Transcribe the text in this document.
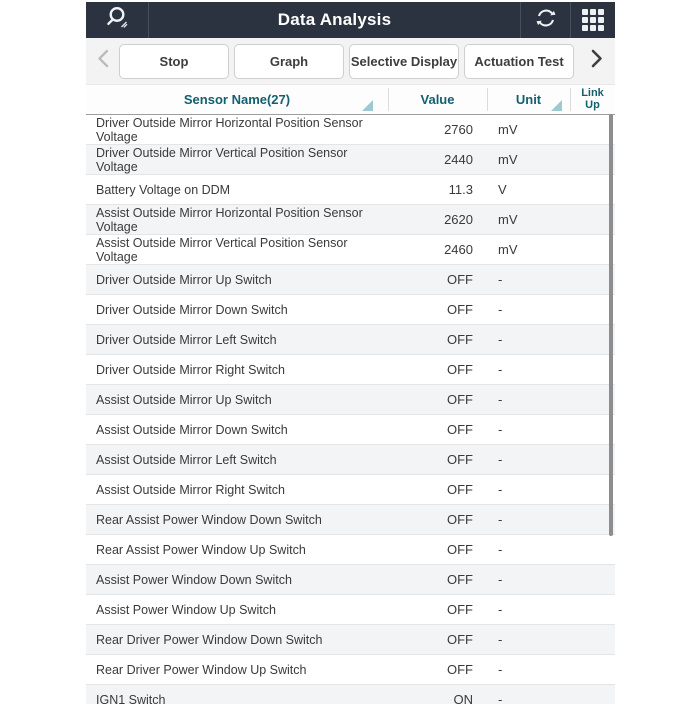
Data Analysis
Stop	Graph	Selective Display	Actuation Test
Sensor Name(27)	Value	Unit	Link Up
Driver Outside Mirror Horizontal Position Sensor Voltage	2760	mV
Driver Outside Mirror Vertical Position Sensor Voltage	2440	mV
Battery Voltage on DDM	11.3	V
Assist Outside Mirror Horizontal Position Sensor Voltage	2620	mV
Assist Outside Mirror Vertical Position Sensor Voltage	2460	mV
Driver Outside Mirror Up Switch	OFF	-
Driver Outside Mirror Down Switch	OFF	-
Driver Outside Mirror Left Switch	OFF	-
Driver Outside Mirror Right Switch	OFF	-
Assist Outside Mirror Up Switch	OFF	-
Assist Outside Mirror Down Switch	OFF	-
Assist Outside Mirror Left Switch	OFF	-
Assist Outside Mirror Right Switch	OFF	-
Rear Assist Power Window Down Switch	OFF	-
Rear Assist Power Window Up Switch	OFF	-
Assist Power Window Down Switch	OFF	-
Assist Power Window Up Switch	OFF	-
Rear Driver Power Window Down Switch	OFF	-
Rear Driver Power Window Up Switch	OFF	-
IGN1 Switch	ON	-
